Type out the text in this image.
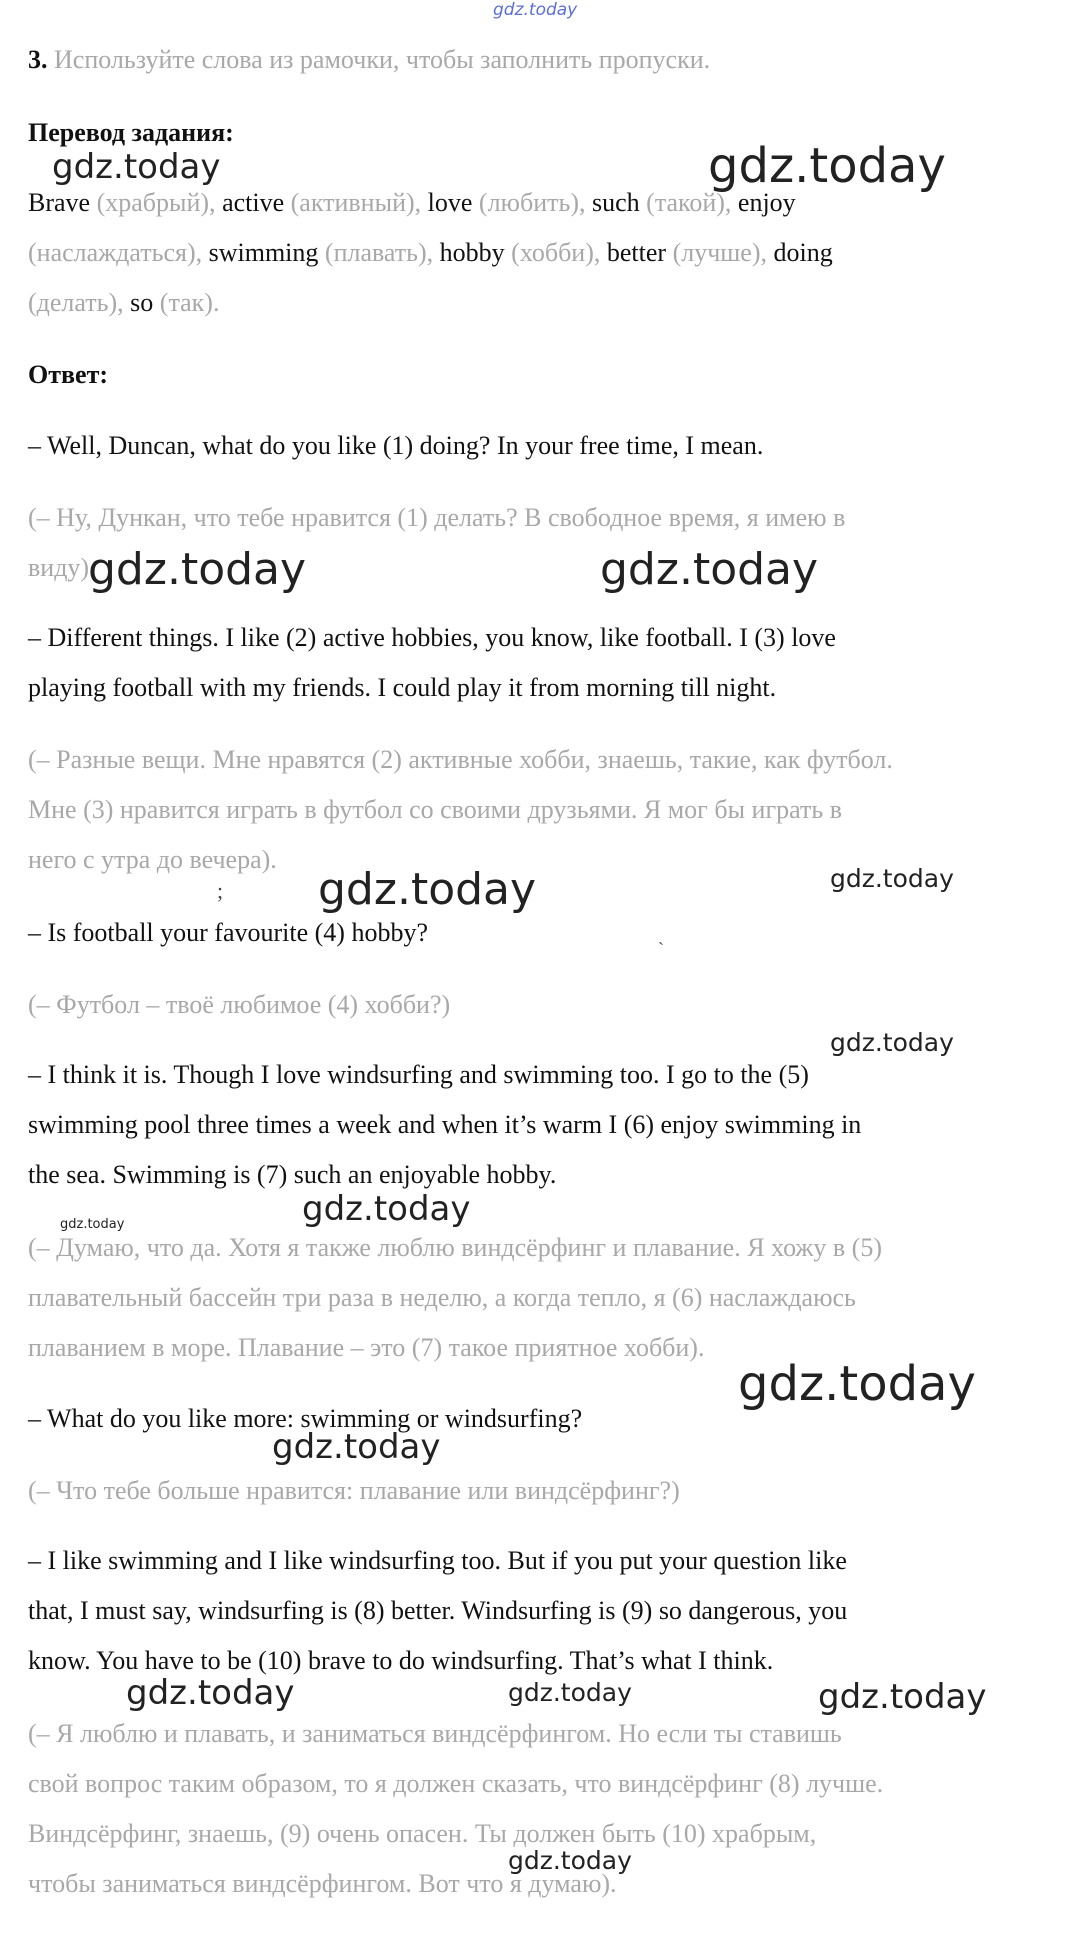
gdz.today
3. Используйте слова из рамочки, чтобы заполнить пропуски.
Перевод задания:
Brave (храбрый), active (активный), love (любить), such (такой), enjoy
(наслаждаться), swimming (плавать), hobby (хобби), better (лучше), doing
(делать), so (так).
Ответ:
– Well, Duncan, what do you like (1) doing? In your free time, I mean.
(– Ну, Дункан, что тебе нравится (1) делать? В свободное время, я имею в
виду).
– Different things. I like (2) active hobbies, you know, like football. I (3) love
playing football with my friends. I could play it from morning till night.
(– Разные вещи. Мне нравятся (2) активные хобби, знаешь, такие, как футбол.
Мне (3) нравится играть в футбол со своими друзьями. Я мог бы играть в
него с утра до вечера).
– Is football your favourite (4) hobby?
(– Футбол – твоё любимое (4) хобби?)
– I think it is. Though I love windsurfing and swimming too. I go to the (5)
swimming pool three times a week and when it’s warm I (6) enjoy swimming in
the sea. Swimming is (7) such an enjoyable hobby.
(– Думаю, что да. Хотя я также люблю виндсёрфинг и плавание. Я хожу в (5)
плавательный бассейн три раза в неделю, а когда тепло, я (6) наслаждаюсь
плаванием в море. Плавание – это (7) такое приятное хобби).
– What do you like more: swimming or windsurfing?
(– Что тебе больше нравится: плавание или виндсёрфинг?)
– I like swimming and I like windsurfing too. But if you put your question like
that, I must say, windsurfing is (8) better. Windsurfing is (9) so dangerous, you
know. You have to be (10) brave to do windsurfing. That’s what I think.
(– Я люблю и плавать, и заниматься виндсёрфингом. Но если ты ставишь
свой вопрос таким образом, то я должен сказать, что виндсёрфинг (8) лучше.
Виндсёрфинг, знаешь, (9) очень опасен. Ты должен быть (10) храбрым,
чтобы заниматься виндсёрфингом. Вот что я думаю).
gdz.today	gdz.today
gdz.today	gdz.today
gdz.today	gdz.today
gdz.today
gdz.today
gdz.today
gdz.today
gdz.today
gdz.today	gdz.today	gdz.today
gdz.today
;
`
